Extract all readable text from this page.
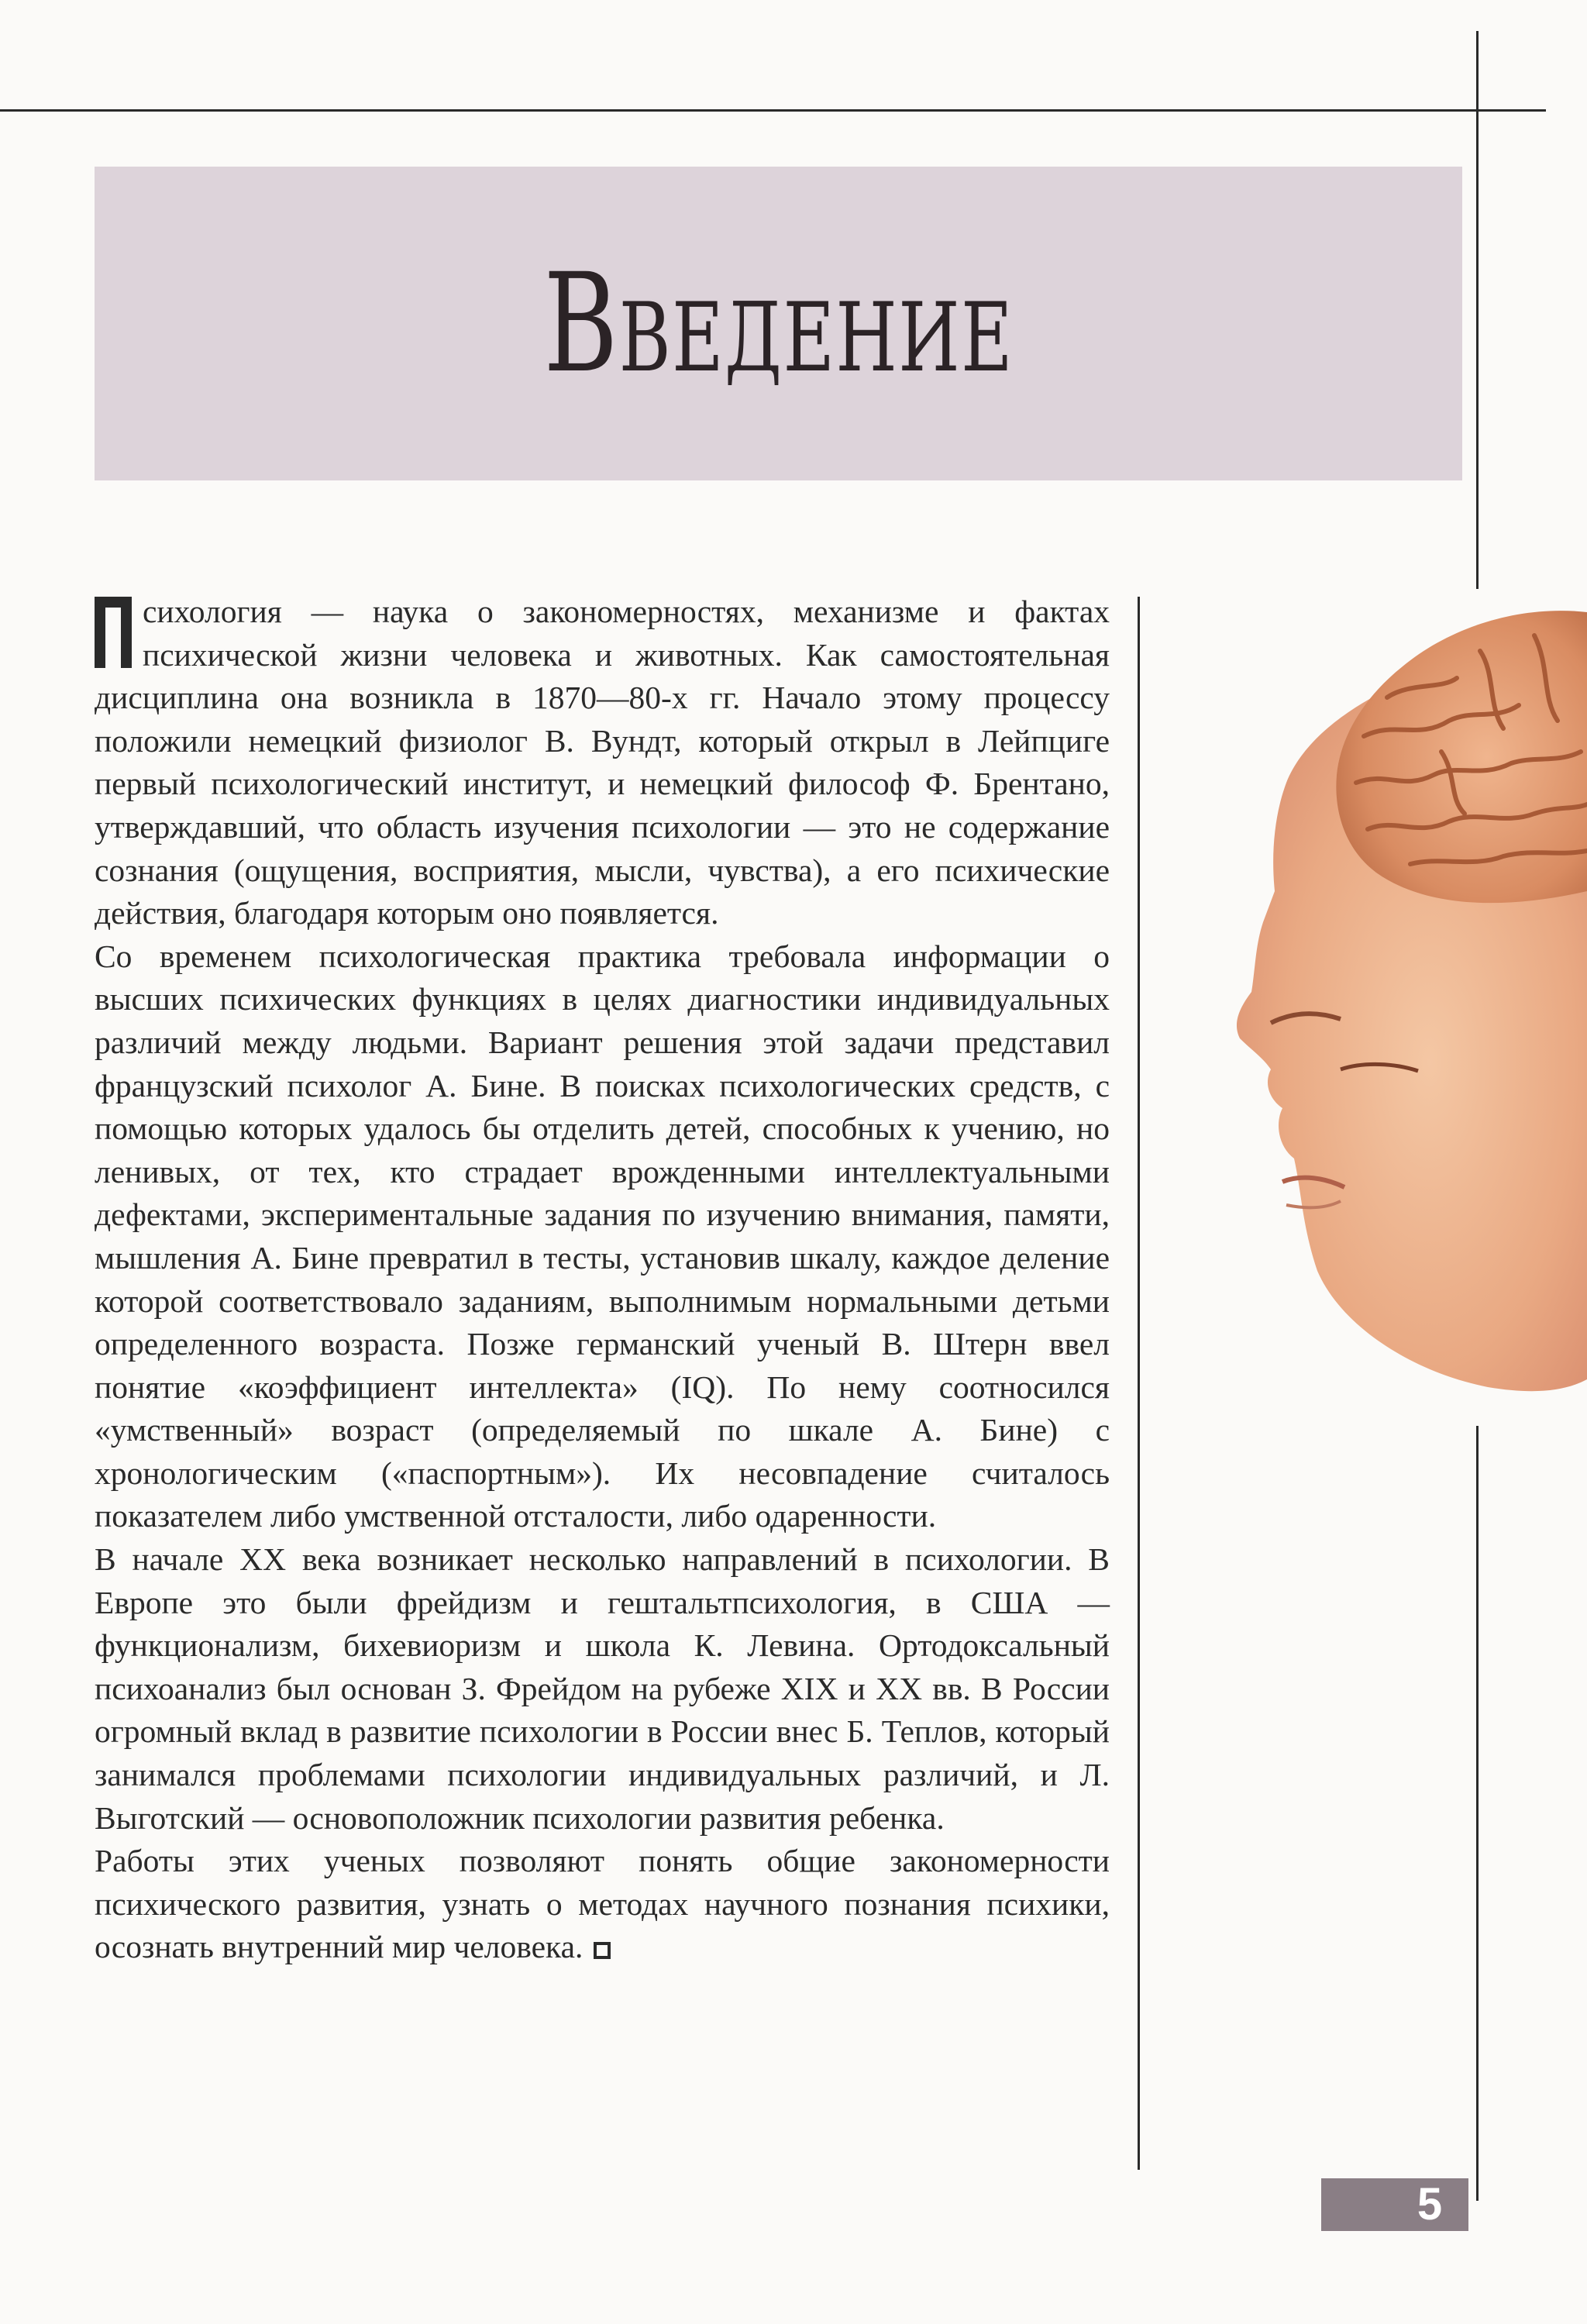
Введение

сихология — наука о закономерностях, механизме и фактах психической жизни человека и животных. Как самостоятельная дисциплина она возникла в 1870—80-х гг. Начало этому процессу положили немецкий физиолог В. Вундт, который открыл в Лейпциге первый психологический институт, и немецкий философ Ф. Брентано, утверждавший, что область изучения психологии — это не содержание сознания (ощущения, восприятия, мысли, чувства), а его психические действия, благодаря которым оно появляется.

Со временем психологическая практика требовала информации о высших психических функциях в целях диагностики индивидуальных различий между людьми. Вариант решения этой задачи представил французский психолог А. Бине. В поисках психологических средств, с помощью которых удалось бы отделить детей, способных к учению, но ленивых, от тех, кто страдает врожденными интеллектуальными дефектами, экспериментальные задания по изучению внимания, памяти, мышления А. Бине превратил в тесты, установив шкалу, каждое деление которой соответствовало заданиям, выполнимым нормальными детьми определенного возраста. Позже германский ученый В. Штерн ввел понятие «коэффициент интеллекта» (IQ). По нему соотносился «умственный» возраст (определяемый по шкале А. Бине) с хронологическим («паспортным»). Их несовпадение считалось показателем либо умственной отсталости, либо одаренности.

В начале XX века возникает несколько направлений в психологии. В Европе это были фрейдизм и гештальтпсихология, в США — функционализм, бихевиоризм и школа К. Левина. Ортодоксальный психоанализ был основан З. Фрейдом на рубеже XIX и XX вв. В России огромный вклад в развитие психологии в России внес Б. Теплов, который занимался проблемами психологии индивидуальных различий, и Л. Выготский — основоположник психологии развития ребенка.

Работы этих ученых позволяют понять общие закономерности психического развития, узнать о методах научного познания психики, осознать внутренний мир человека.

5
